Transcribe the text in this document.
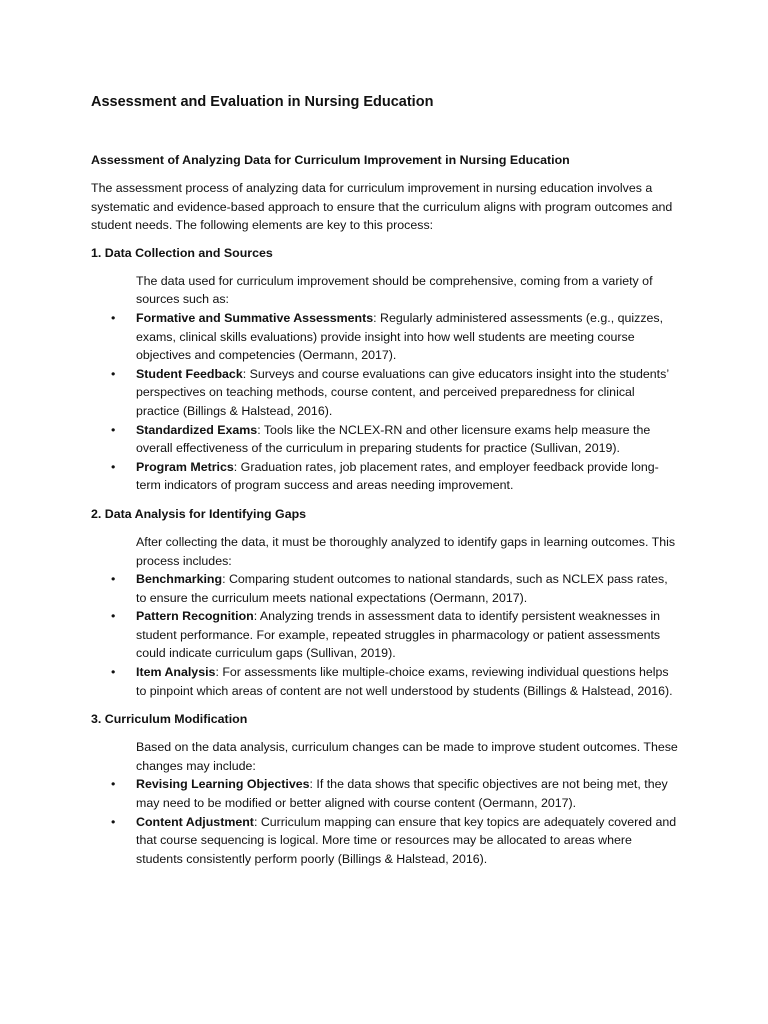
Assessment and Evaluation in Nursing Education
Assessment of Analyzing Data for Curriculum Improvement in Nursing Education

The assessment process of analyzing data for curriculum improvement in nursing education involves a systematic and evidence-based approach to ensure that the curriculum aligns with program outcomes and student needs. The following elements are key to this process:

1. Data Collection and Sources

The data used for curriculum improvement should be comprehensive, coming from a variety of sources such as:

• Formative and Summative Assessments: Regularly administered assessments (e.g., quizzes, exams, clinical skills evaluations) provide insight into how well students are meeting course objectives and competencies (Oermann, 2017).
• Student Feedback: Surveys and course evaluations can give educators insight into the students’ perspectives on teaching methods, course content, and perceived preparedness for clinical practice (Billings & Halstead, 2016).
• Standardized Exams: Tools like the NCLEX-RN and other licensure exams help measure the overall effectiveness of the curriculum in preparing students for practice (Sullivan, 2019).
• Program Metrics: Graduation rates, job placement rates, and employer feedback provide long-term indicators of program success and areas needing improvement.
2. Data Analysis for Identifying Gaps

After collecting the data, it must be thoroughly analyzed to identify gaps in learning outcomes. This process includes:

• Benchmarking: Comparing student outcomes to national standards, such as NCLEX pass rates, to ensure the curriculum meets national expectations (Oermann, 2017).
• Pattern Recognition: Analyzing trends in assessment data to identify persistent weaknesses in student performance. For example, repeated struggles in pharmacology or patient assessments could indicate curriculum gaps (Sullivan, 2019).
• Item Analysis: For assessments like multiple-choice exams, reviewing individual questions helps to pinpoint which areas of content are not well understood by students (Billings & Halstead, 2016).
3. Curriculum Modification

Based on the data analysis, curriculum changes can be made to improve student outcomes. These changes may include:

• Revising Learning Objectives: If the data shows that specific objectives are not being met, they may need to be modified or better aligned with course content (Oermann, 2017).
• Content Adjustment: Curriculum mapping can ensure that key topics are adequately covered and that course sequencing is logical. More time or resources may be allocated to areas where students consistently perform poorly (Billings & Halstead, 2016).
